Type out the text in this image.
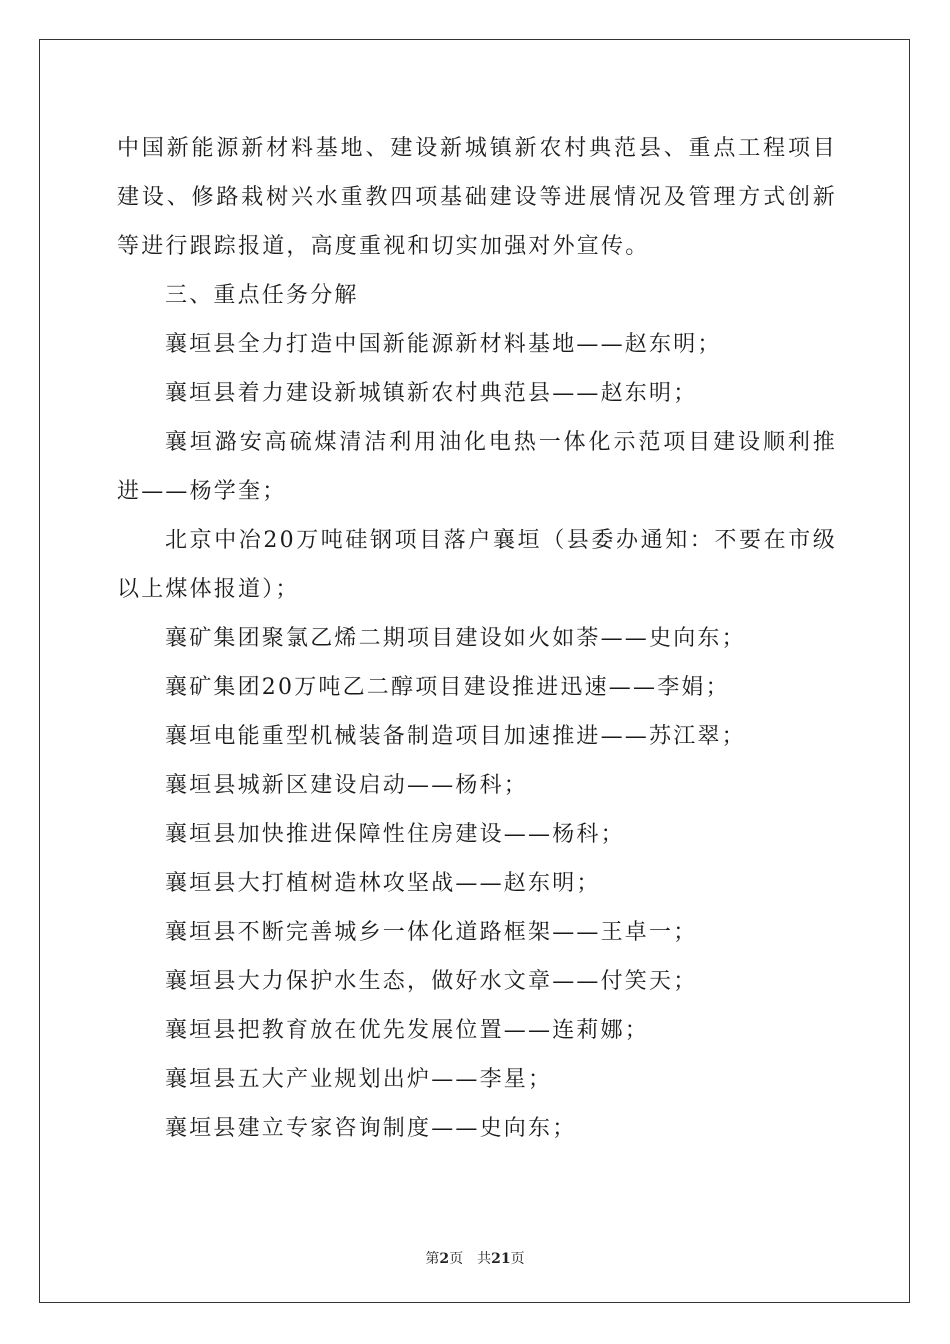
中国新能源新材料基地、建设新城镇新农村典范县、重点工程项目建设、修路栽树兴水重教四项基础建设等进展情况及管理方式创新等进行跟踪报道，高度重视和切实加强对外宣传。

三、重点任务分解

襄垣县全力打造中国新能源新材料基地——赵东明；

襄垣县着力建设新城镇新农村典范县——赵东明；

襄垣潞安高硫煤清洁利用油化电热一体化示范项目建设顺利推进——杨学奎；

北京中冶20万吨硅钢项目落户襄垣（县委办通知：不要在市级以上煤体报道）；

襄矿集团聚氯乙烯二期项目建设如火如荼——史向东；

襄矿集团20万吨乙二醇项目建设推进迅速——李娟；

襄垣电能重型机械装备制造项目加速推进——苏江翠；

襄垣县城新区建设启动——杨科；

襄垣县加快推进保障性住房建设——杨科；

襄垣县大打植树造林攻坚战——赵东明；

襄垣县不断完善城乡一体化道路框架——王卓一；

襄垣县大力保护水生态，做好水文章——付笑天；

襄垣县把教育放在优先发展位置——连莉娜；

襄垣县五大产业规划出炉——李星；

襄垣县建立专家咨询制度——史向东；

第2页 共21页
